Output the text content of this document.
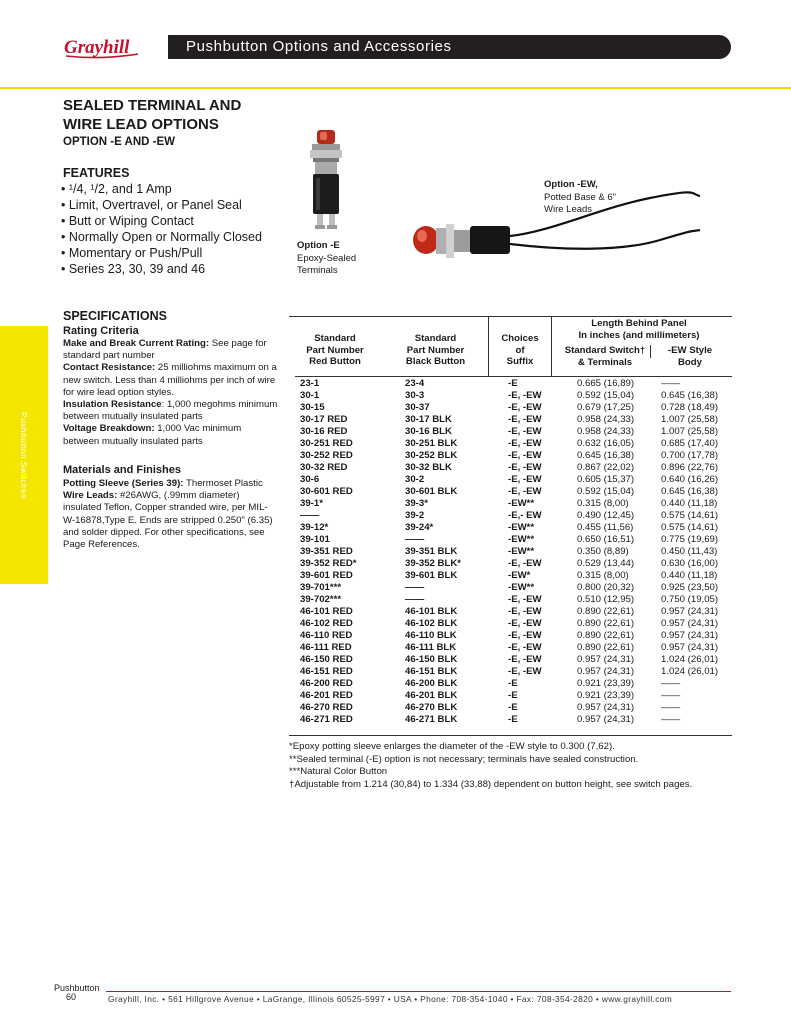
Grayhill	Pushbutton Options and Accessories
Pushbutton Switches
SEALED TERMINAL AND
WIRE LEAD OPTIONS
OPTION -E AND -EW
FEATURES
• ¹/4, ¹/2, and 1 Amp
• Limit, Overtravel, or Panel Seal
• Butt or Wiping Contact
• Normally Open or Normally Closed
• Momentary or Push/Pull
• Series 23, 30, 39 and 46
Option -E
Epoxy-Sealed
Terminals
Option -EW,
Potted Base & 6"
Wire Leads
SPECIFICATIONS
Rating Criteria

Make and Break Current Rating: See page for standard part number

Contact Resistance: 25 milliohms maximum on a new switch. Less than 4 milliohms per inch of wire for wire lead option styles.

Insulation Resistance: 1,000 megohms minimum between mutually insulated parts

Voltage Breakdown: 1,000 Vac minimum between mutually insulated parts

Materials and Finishes

Potting Sleeve (Series 39): Thermoset Plastic

Wire Leads: #26AWG, (.99mm diameter) insulated Teflon, Copper stranded wire, per MIL-W-16878,Type E. Ends are stripped 0.250" (6.35) and solder dipped. For other specifications, see Page References.

Standard
Part Number
Red Button
Standard
Part Number
Black Button
Choices
of
Suffix
Length Behind Panel
In inches (and millimeters)
Standard Switch†
& Terminals
-EW Style
Body
23-1	23-4	-E	0.665 (16,89)	——
30-1	30-3	-E, -EW	0.592 (15,04)	0.645 (16,38)
30-15	30-37	-E, -EW	0.679 (17,25)	0.728 (18,49)
30-17 RED	30-17 BLK	-E, -EW	0.958 (24,33)	1.007 (25,58)
30-16 RED	30-16 BLK	-E, -EW	0.958 (24,33)	1.007 (25,58)
30-251 RED	30-251 BLK	-E, -EW	0.632 (16,05)	0.685 (17,40)
30-252 RED	30-252 BLK	-E, -EW	0.645 (16,38)	0.700 (17,78)
30-32 RED	30-32 BLK	-E, -EW	0.867 (22,02)	0.896 (22,76)
30-6	30-2	-E, -EW	0.605 (15,37)	0.640 (16,26)
30-601 RED	30-601 BLK	-E, -EW	0.592 (15,04)	0.645 (16,38)
39-1*	39-3*	-EW**	0.315 (8,00)	0.440 (11,18)
——	39-2	-E,- EW	0.490 (12,45)	0.575 (14,61)
39-12*	39-24*	-EW**	0.455 (11,56)	0.575 (14,61)
39-101	——	-EW**	0.650 (16,51)	0.775 (19,69)
39-351 RED	39-351 BLK	-EW**	0.350 (8,89)	0.450 (11,43)
39-352 RED*	39-352 BLK*	-E, -EW	0.529 (13,44)	0.630 (16,00)
39-601 RED	39-601 BLK	-EW*	0.315 (8,00)	0.440 (11,18)
39-701***	——	-EW**	0.800 (20,32)	0.925 (23,50)
39-702***	——	-E, -EW	0.510 (12,95)	0.750 (19,05)
46-101 RED	46-101 BLK	-E, -EW	0.890 (22,61)	0.957 (24,31)
46-102 RED	46-102 BLK	-E, -EW	0.890 (22,61)	0.957 (24,31)
46-110 RED	46-110 BLK	-E, -EW	0.890 (22,61)	0.957 (24,31)
46-111 RED	46-111 BLK	-E, -EW	0.890 (22,61)	0.957 (24,31)
46-150 RED	46-150 BLK	-E, -EW	0.957 (24,31)	1.024 (26,01)
46-151 RED	46-151 BLK	-E, -EW	0.957 (24,31)	1.024 (26,01)
46-200 RED	46-200 BLK	-E	0.921 (23,39)	——
46-201 RED	46-201 BLK	-E	0.921 (23,39)	——
46-270 RED	46-270 BLK	-E	0.957 (24,31)	——
46-271 RED	46-271 BLK	-E	0.957 (24,31)	——

*Epoxy potting sleeve enlarges the diameter of the -EW style to 0.300 (7,62).

**Sealed terminal (-E) option is not necessary; terminals have sealed construction.

***Natural Color Button

†Adjustable from 1.214 (30,84) to 1.334 (33,88) dependent on button height, see switch pages.

Pushbutton
60	Grayhill, Inc. • 561 Hillgrove Avenue • LaGrange, Illinois 60525-5997 • USA • Phone: 708-354-1040 • Fax: 708-354-2820 • www.grayhill.com
